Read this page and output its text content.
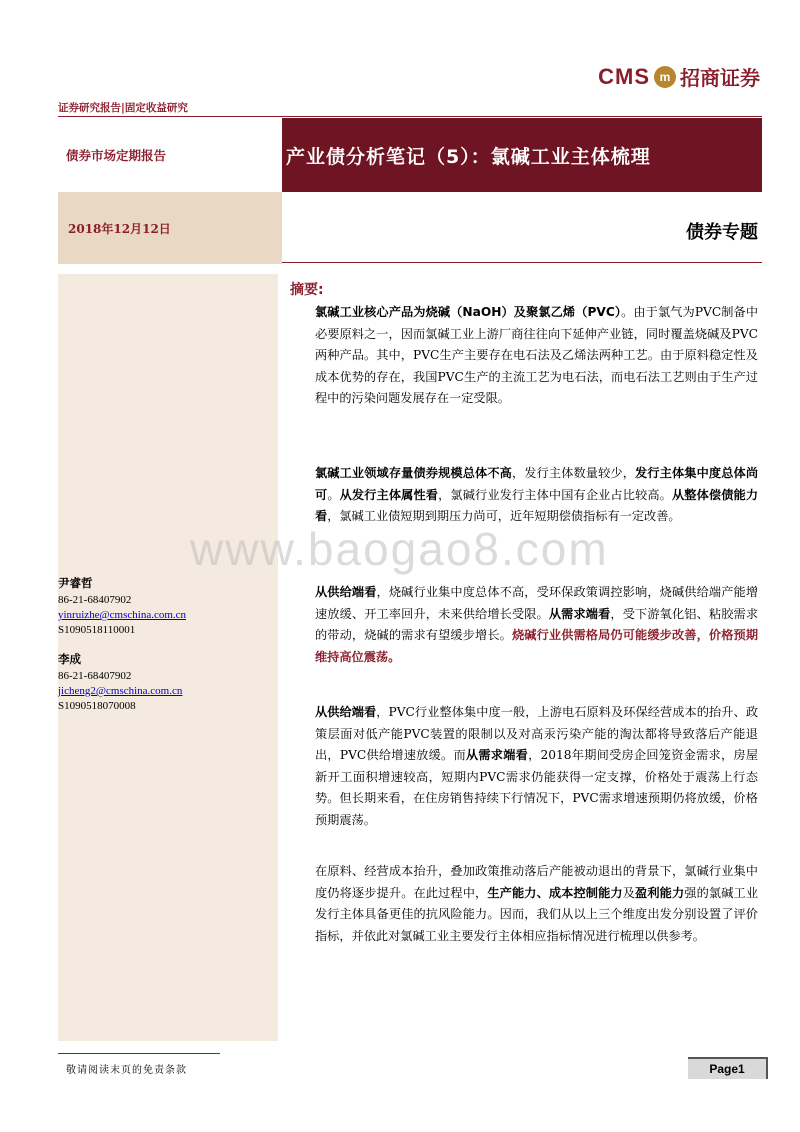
CMS m 招商证券
证券研究报告|固定收益研究
债券市场定期报告	产业债分析笔记（5）：氯碱工业主体梳理
2018年12月12日	债券专题
尹睿哲
86-21-68407902
yinruizhe@cmschina.com.cn
S1090518110001
李成
86-21-68407902
jicheng2@cmschina.com.cn
S1090518070008
摘要:
氯碱工业核心产品为烧碱（NaOH）及聚氯乙烯（PVC）。由于氯气为PVC制备中必要原料之一，因而氯碱工业上游厂商往往向下延伸产业链，同时覆盖烧碱及PVC两种产品。其中，PVC生产主要存在电石法及乙烯法两种工艺。由于原料稳定性及成本优势的存在，我国PVC生产的主流工艺为电石法，而电石法工艺则由于生产过程中的污染问题发展存在一定受限。
氯碱工业领域存量债券规模总体不高，发行主体数量较少，发行主体集中度总体尚可。从发行主体属性看，氯碱行业发行主体中国有企业占比较高。从整体偿债能力看，氯碱工业债短期到期压力尚可，近年短期偿债指标有一定改善。
从供给端看，烧碱行业集中度总体不高，受环保政策调控影响，烧碱供给端产能增速放缓、开工率回升，未来供给增长受限。从需求端看，受下游氧化铝、粘胶需求的带动，烧碱的需求有望缓步增长。烧碱行业供需格局仍可能缓步改善，价格预期维持高位震荡。
从供给端看，PVC行业整体集中度一般，上游电石原料及环保经营成本的抬升、政策层面对低产能PVC装置的限制以及对高汞污染产能的淘汰都将导致落后产能退出，PVC供给增速放缓。而从需求端看，2018年期间受房企回笼资金需求，房屋新开工面积增速较高，短期内PVC需求仍能获得一定支撑，价格处于震荡上行态势。但长期来看，在住房销售持续下行情况下，PVC需求增速预期仍将放缓，价格预期震荡。
在原料、经营成本抬升，叠加政策推动落后产能被动退出的背景下，氯碱行业集中度仍将逐步提升。在此过程中，生产能力、成本控制能力及盈利能力强的氯碱工业发行主体具备更佳的抗风险能力。因而，我们从以上三个维度出发分别设置了评价指标，并依此对氯碱工业主要发行主体相应指标情况进行梳理以供参考。
www.baogao8.com
敬请阅读末页的免责条款	Page1
